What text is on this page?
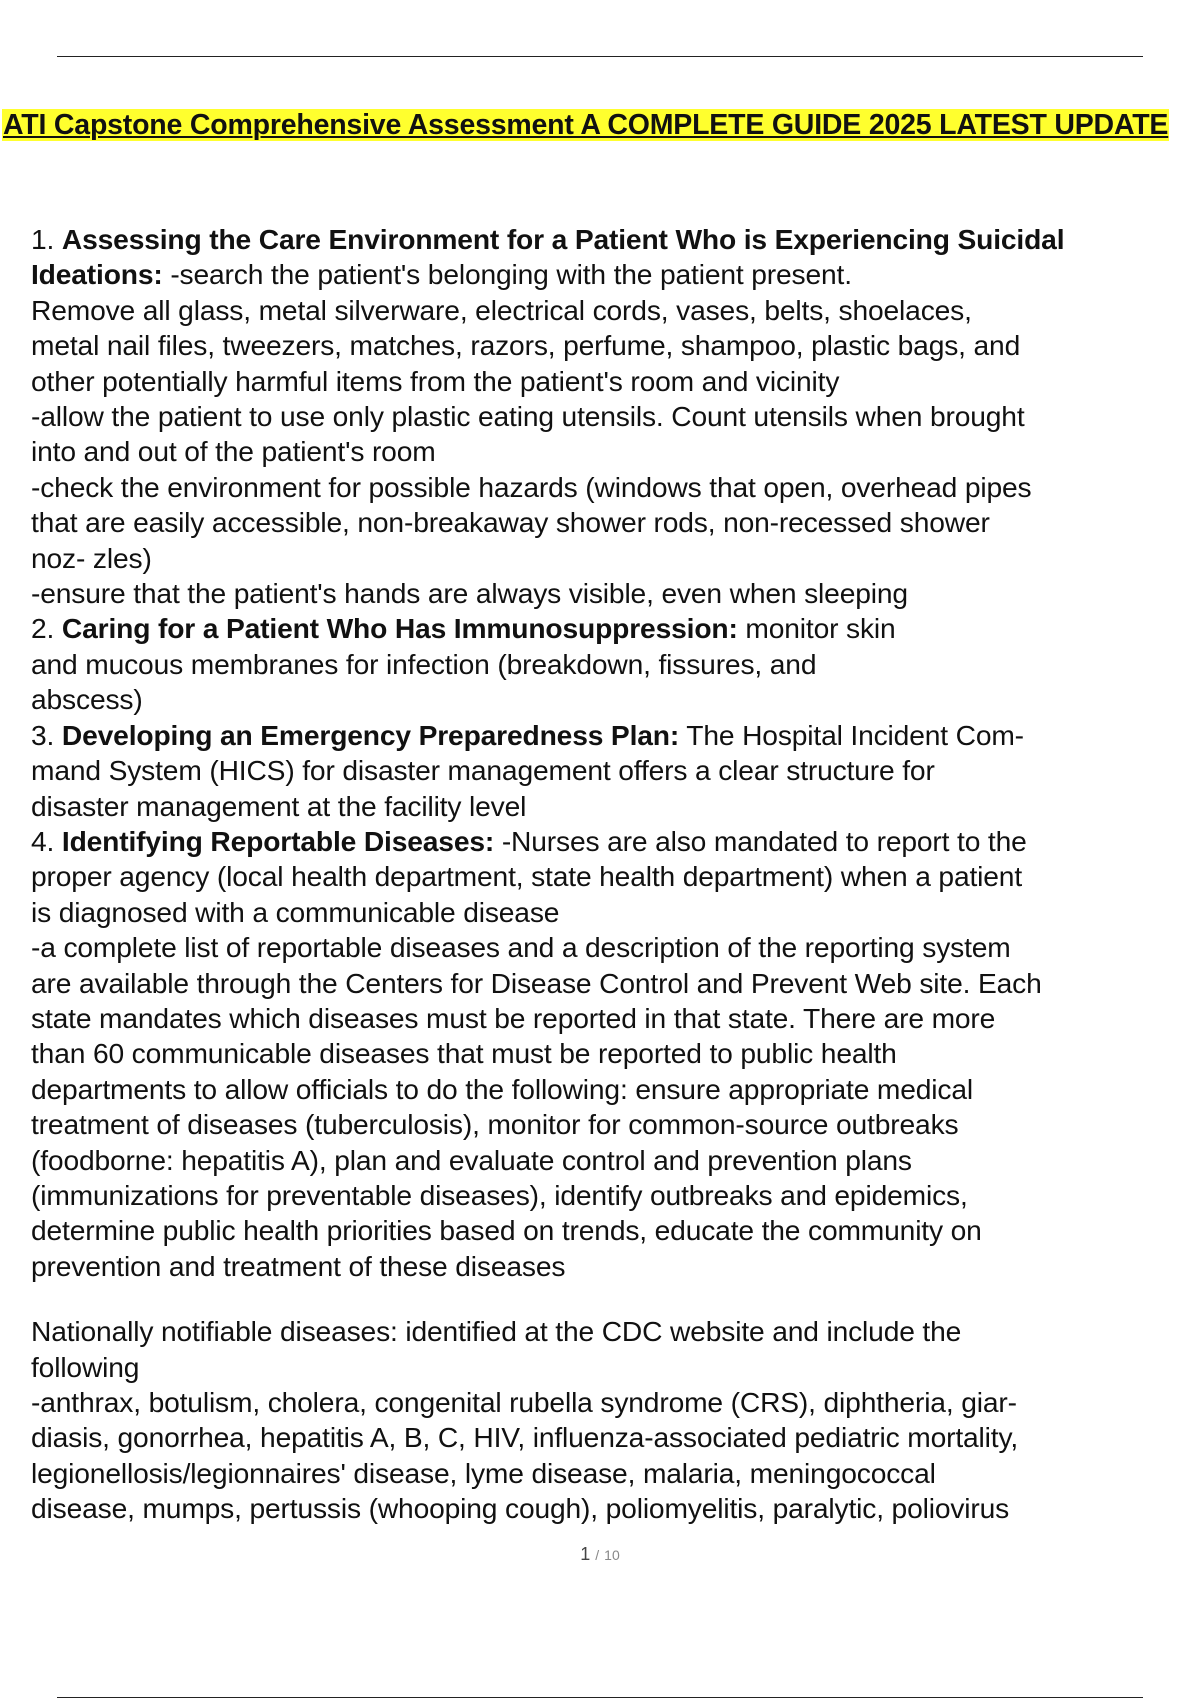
ATI Capstone Comprehensive Assessment A COMPLETE GUIDE 2025 LATEST UPDATE

1. Assessing the Care Environment for a Patient Who is Experiencing Suicidal Ideations: -search the patient's belonging with the patient present.

Remove all glass, metal silverware, electrical cords, vases, belts, shoelaces,

metal nail files, tweezers, matches, razors, perfume, shampoo, plastic bags, and

other potentially harmful items from the patient's room and vicinity

-allow the patient to use only plastic eating utensils. Count utensils when brought

into and out of the patient's room

-check the environment for possible hazards (windows that open, overhead pipes

that are easily accessible, non-breakaway shower rods, non-recessed shower

noz- zles)

-ensure that the patient's hands are always visible, even when sleeping

2. Caring for a Patient Who Has Immunosuppression: monitor skin

and mucous membranes for infection (breakdown, fissures, and

abscess)

3. Developing an Emergency Preparedness Plan: The Hospital Incident Com-

mand System (HICS) for disaster management offers a clear structure for

disaster management at the facility level

4. Identifying Reportable Diseases: -Nurses are also mandated to report to the

proper agency (local health department, state health department) when a patient

is diagnosed with a communicable disease

-a complete list of reportable diseases and a description of the reporting system

are available through the Centers for Disease Control and Prevent Web site. Each

state mandates which diseases must be reported in that state. There are more

than 60 communicable diseases that must be reported to public health

departments to allow officials to do the following: ensure appropriate medical

treatment of diseases (tuberculosis), monitor for common-source outbreaks

(foodborne: hepatitis A), plan and evaluate control and prevention plans

(immunizations for preventable diseases), identify outbreaks and epidemics,

determine public health priorities based on trends, educate the community on

prevention and treatment of these diseases

Nationally notifiable diseases: identified at the CDC website and include the

following

-anthrax, botulism, cholera, congenital rubella syndrome (CRS), diphtheria, giar-

diasis, gonorrhea, hepatitis A, B, C, HIV, influenza-associated pediatric mortality,

legionellosis/legionnaires' disease, lyme disease, malaria, meningococcal

disease, mumps, pertussis (whooping cough), poliomyelitis, paralytic, poliovirus

1 / 10
